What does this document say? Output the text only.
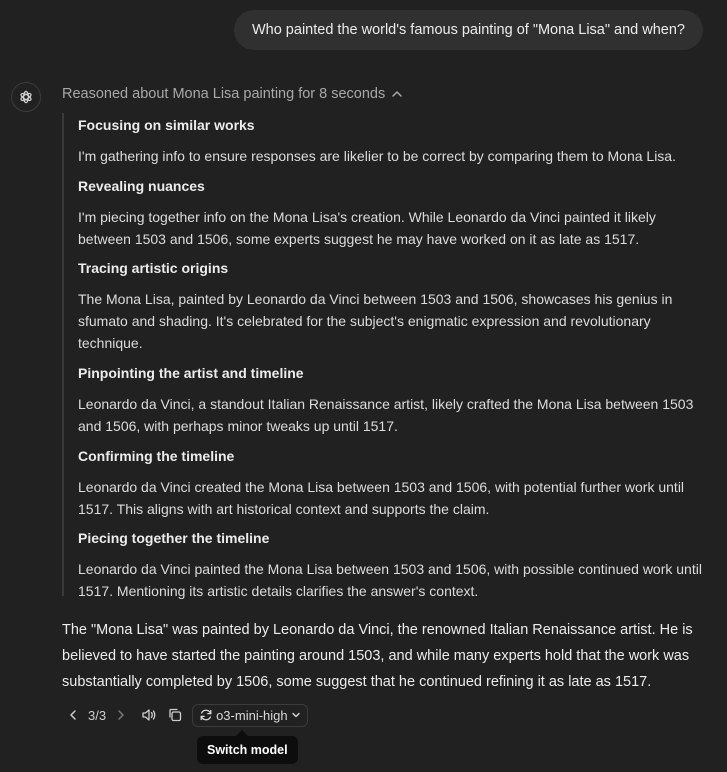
Who painted the world's famous painting of "Mona Lisa" and when?
Reasoned about Mona Lisa painting for 8 seconds
Focusing on similar works
I'm gathering info to ensure responses are likelier to be correct by comparing them to Mona Lisa.
Revealing nuances
I'm piecing together info on the Mona Lisa's creation. While Leonardo da Vinci painted it likely between 1503 and 1506, some experts suggest he may have worked on it as late as 1517.
Tracing artistic origins
The Mona Lisa, painted by Leonardo da Vinci between 1503 and 1506, showcases his genius in sfumato and shading. It's celebrated for the subject's enigmatic expression and revolutionary technique.
Pinpointing the artist and timeline
Leonardo da Vinci, a standout Italian Renaissance artist, likely crafted the Mona Lisa between 1503 and 1506, with perhaps minor tweaks up until 1517.
Confirming the timeline
Leonardo da Vinci created the Mona Lisa between 1503 and 1506, with potential further work until 1517. This aligns with art historical context and supports the claim.
Piecing together the timeline
Leonardo da Vinci painted the Mona Lisa between 1503 and 1506, with possible continued work until 1517. Mentioning its artistic details clarifies the answer's context.
The "Mona Lisa" was painted by Leonardo da Vinci, the renowned Italian Renaissance artist. He is believed to have started the painting around 1503, and while many experts hold that the work was substantially completed by 1506, some suggest that he continued refining it as late as 1517.
3/3	o3-mini-high
Switch model
